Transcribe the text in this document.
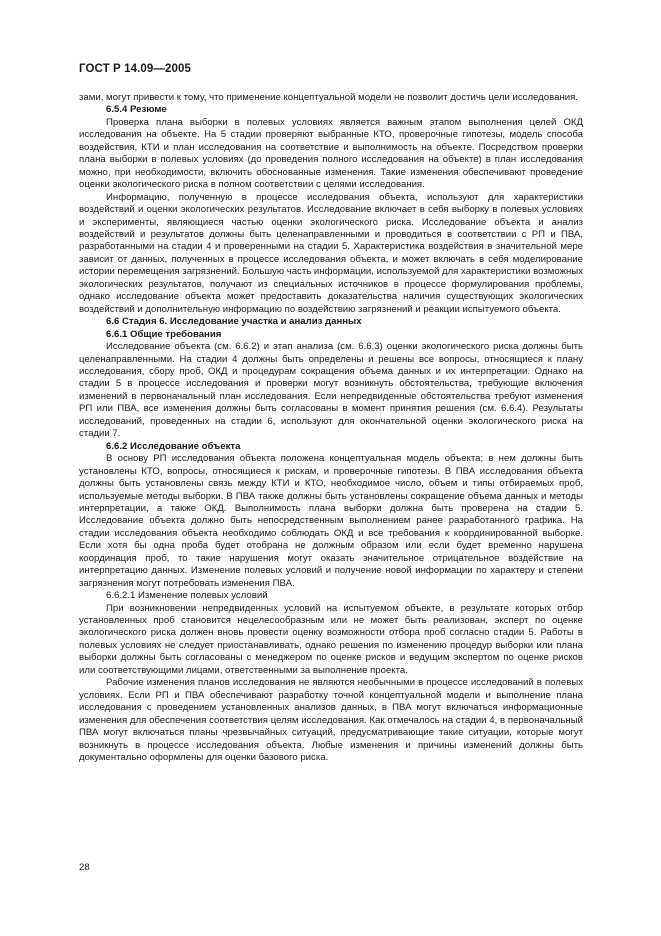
ГОСТ Р 14.09—2005

зами, могут привести к тому, что применение концептуальной модели не позволит достичь цели исследования.

6.5.4 Резюме

Проверка плана выборки в полевых условиях является важным этапом выполнения целей ОКД исследования на объекте. На 5 стадии проверяют выбранные КТО, проверочные гипотезы, модель способа воздействия, КТИ и план исследования на соответствие и выполнимость на объекте. Посредством проверки плана выборки в полевых условиях (до проведения полного исследования на объекте) в план исследования можно, при необходимости, включить обоснованные изменения. Такие изменения обеспечивают проведение оценки экологического риска в полном соответствии с целями исследования.

Информацию, полученную в процессе исследования объекта, используют для характеристики воздействий и оценки экологических результатов. Исследование включает в себя выборку в полевых условиях и эксперименты, являющиеся частью оценки экологического риска. Исследование объекта и анализ воздействий и результатов должны быть целенаправленными и проводиться в соответствии с РП и ПВА, разработанными на стадии 4 и проверенными на стадии 5. Характеристика воздействия в значительной мере зависит от данных, полученных в процессе исследования объекта, и может включать в себя моделирование истории перемещения загрязнений. Большую часть информации, используемой для характеристики возможных экологических результатов, получают из специальных источников в процессе формулирования проблемы, однако исследование объекта может предоставить доказательства наличия существующих экологических воздействий и дополнительную информацию по воздействию загрязнений и реакции испытуемого объекта.

6.6 Стадия 6. Исследование участка и анализ данных
6.6.1 Общие требования

Исследование объекта (см. 6.6.2) и этап анализа (см. 6.6.3) оценки экологического риска должны быть целенаправленными. На стадии 4 должны быть определены и решены все вопросы, относящиеся к плану исследования, сбору проб, ОКД и процедурам сокращения объема данных и их интерпретации. Однако на стадии 5 в процессе исследования и проверки могут возникнуть обстоятельства, требующие включения изменений в первоначальный план исследования. Если непредвиденные обстоятельства требуют изменения РП или ПВА, все изменения должны быть согласованы в момент принятия решения (см. 6.6.4). Результаты исследований, проведенных на стадии 6, используют для окончательной оценки экологического риска на стадии 7.

6.6.2 Исследование объекта

В основу РП исследования объекта положена концептуальная модель объекта; в нем должны быть установлены КТО, вопросы, относящиеся к рискам, и проверочные гипотезы. В ПВА исследования объекта должны быть установлены связь между КТИ и КТО, необходимое число, объем и типы отбираемых проб, используемые методы выборки. В ПВА также должны быть установлены сокращение объема данных и методы интерпретации, а также ОКД. Выполнимость плана выборки должна быть проверена на стадии 5. Исследование объекта должно быть непосредственным выполнением ранее разработанного графика. На стадии исследования объекта необходимо соблюдать ОКД и все требования к координированной выборке. Если хотя бы одна проба будет отобрана не должным образом или если будет временно нарушена координация проб, то такие нарушения могут оказать значительное отрицательное воздействие на интерпретацию данных. Изменение полевых условий и получение новой информации по характеру и степени загрязнения могут потребовать изменения ПВА.

6.6.2.1 Изменение полевых условий

При возникновении непредвиденных условий на испытуемом объекте, в результате которых отбор установленных проб становится нецелесообразным или не может быть реализован, эксперт по оценке экологического риска должен вновь провести оценку возможности отбора проб согласно стадии 5. Работы в полевых условиях не следует приостанавливать, однако решения по изменению процедур выборки или плана выборки должны быть согласованы с менеджером по оценке рисков и ведущим экспертом по оценке рисков или соответствующими лицами, ответственными за выполнение проекта.

Рабочие изменения планов исследования не являются необычными в процессе исследований в полевых условиях. Если РП и ПВА обеспечивают разработку точной концептуальной модели и выполнение плана исследования с проведением установленных анализов данных, в ПВА могут включаться информационные изменения для обеспечения соответствия целям исследования. Как отмечалось на стадии 4, в первоначальный ПВА могут включаться планы чрезвычайных ситуаций, предусматривающие такие ситуации, которые могут возникнуть в процессе исследования объекта. Любые изменения и причины изменений должны быть документально оформлены для оценки базового риска.

28
